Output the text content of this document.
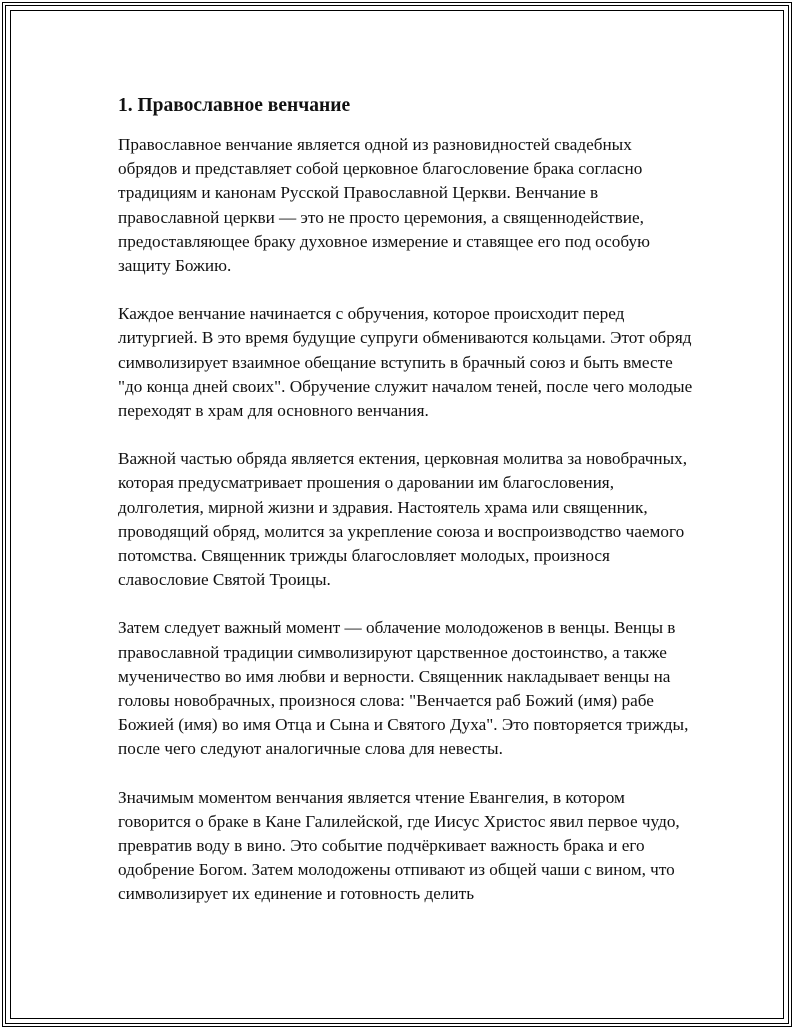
1. Православное венчание

Православное венчание является одной из разновидностей свадебных обрядов и представляет собой церковное благословение брака согласно традициям и канонам Русской Православной Церкви. Венчание в православной церкви — это не просто церемония, а священнодействие, предоставляющее браку духовное измерение и ставящее его под особую защиту Божию.

Каждое венчание начинается с обручения, которое происходит перед литургией. В это время будущие супруги обмениваются кольцами. Этот обряд символизирует взаимное обещание вступить в брачный союз и быть вместе "до конца дней своих". Обручение служит началом теней, после чего молодые переходят в храм для основного венчания.

Важной частью обряда является ектения, церковная молитва за новобрачных, которая предусматривает прошения о даровании им благословения, долголетия, мирной жизни и здравия. Настоятель храма или священник, проводящий обряд, молится за укрепление союза и воспроизводство чаемого потомства. Священник трижды благословляет молодых, произнося славословие Святой Троицы.

Затем следует важный момент — облачение молодоженов в венцы. Венцы в православной традиции символизируют царственное достоинство, а также мученичество во имя любви и верности. Священник накладывает венцы на головы новобрачных, произнося слова: "Венчается раб Божий (имя) рабе Божией (имя) во имя Отца и Сына и Святого Духа". Это повторяется трижды, после чего следуют аналогичные слова для невесты.

Значимым моментом венчания является чтение Евангелия, в котором говорится о браке в Кане Галилейской, где Иисус Христос явил первое чудо, превратив воду в вино. Это событие подчёркивает важность брака и его одобрение Богом. Затем молодожены отпивают из общей чаши с вином, что символизирует их единение и готовность делить
